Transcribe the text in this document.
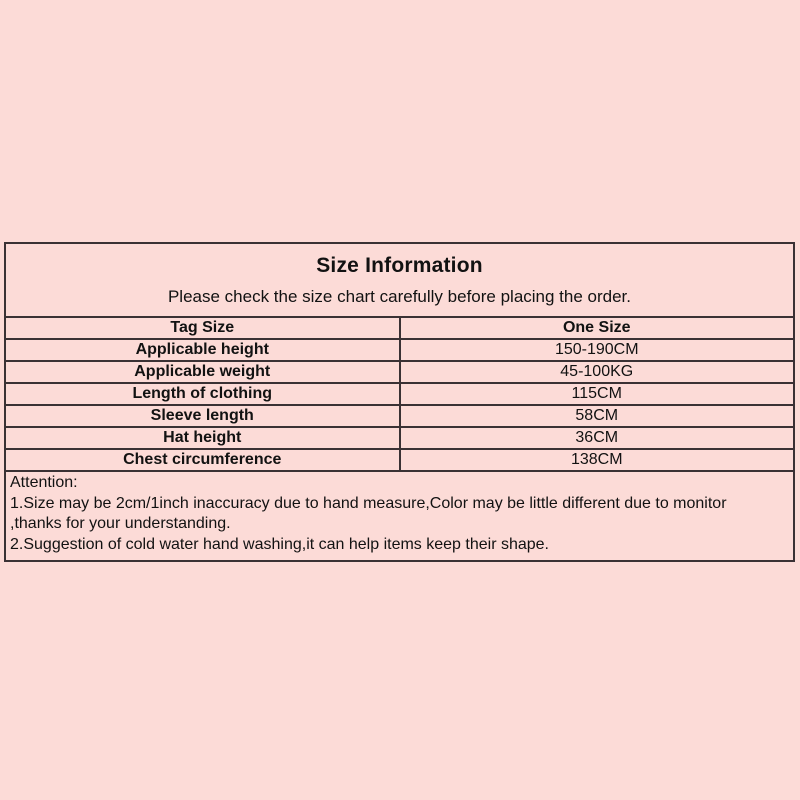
Size Information
Please check the size chart carefully before placing the order.	

Tag Size	One Size
Applicable height	150-190CM
Applicable weight	45-100KG
Length of clothing	115CM
Sleeve length	58CM
Hat height	36CM
Chest circumference	138CM

Attention:
1.Size may be 2cm/1inch inaccuracy due to hand measure,Color may be little different due to monitor
,thanks for your understanding.
2.Suggestion of cold water hand washing,it can help items keep their shape.	
